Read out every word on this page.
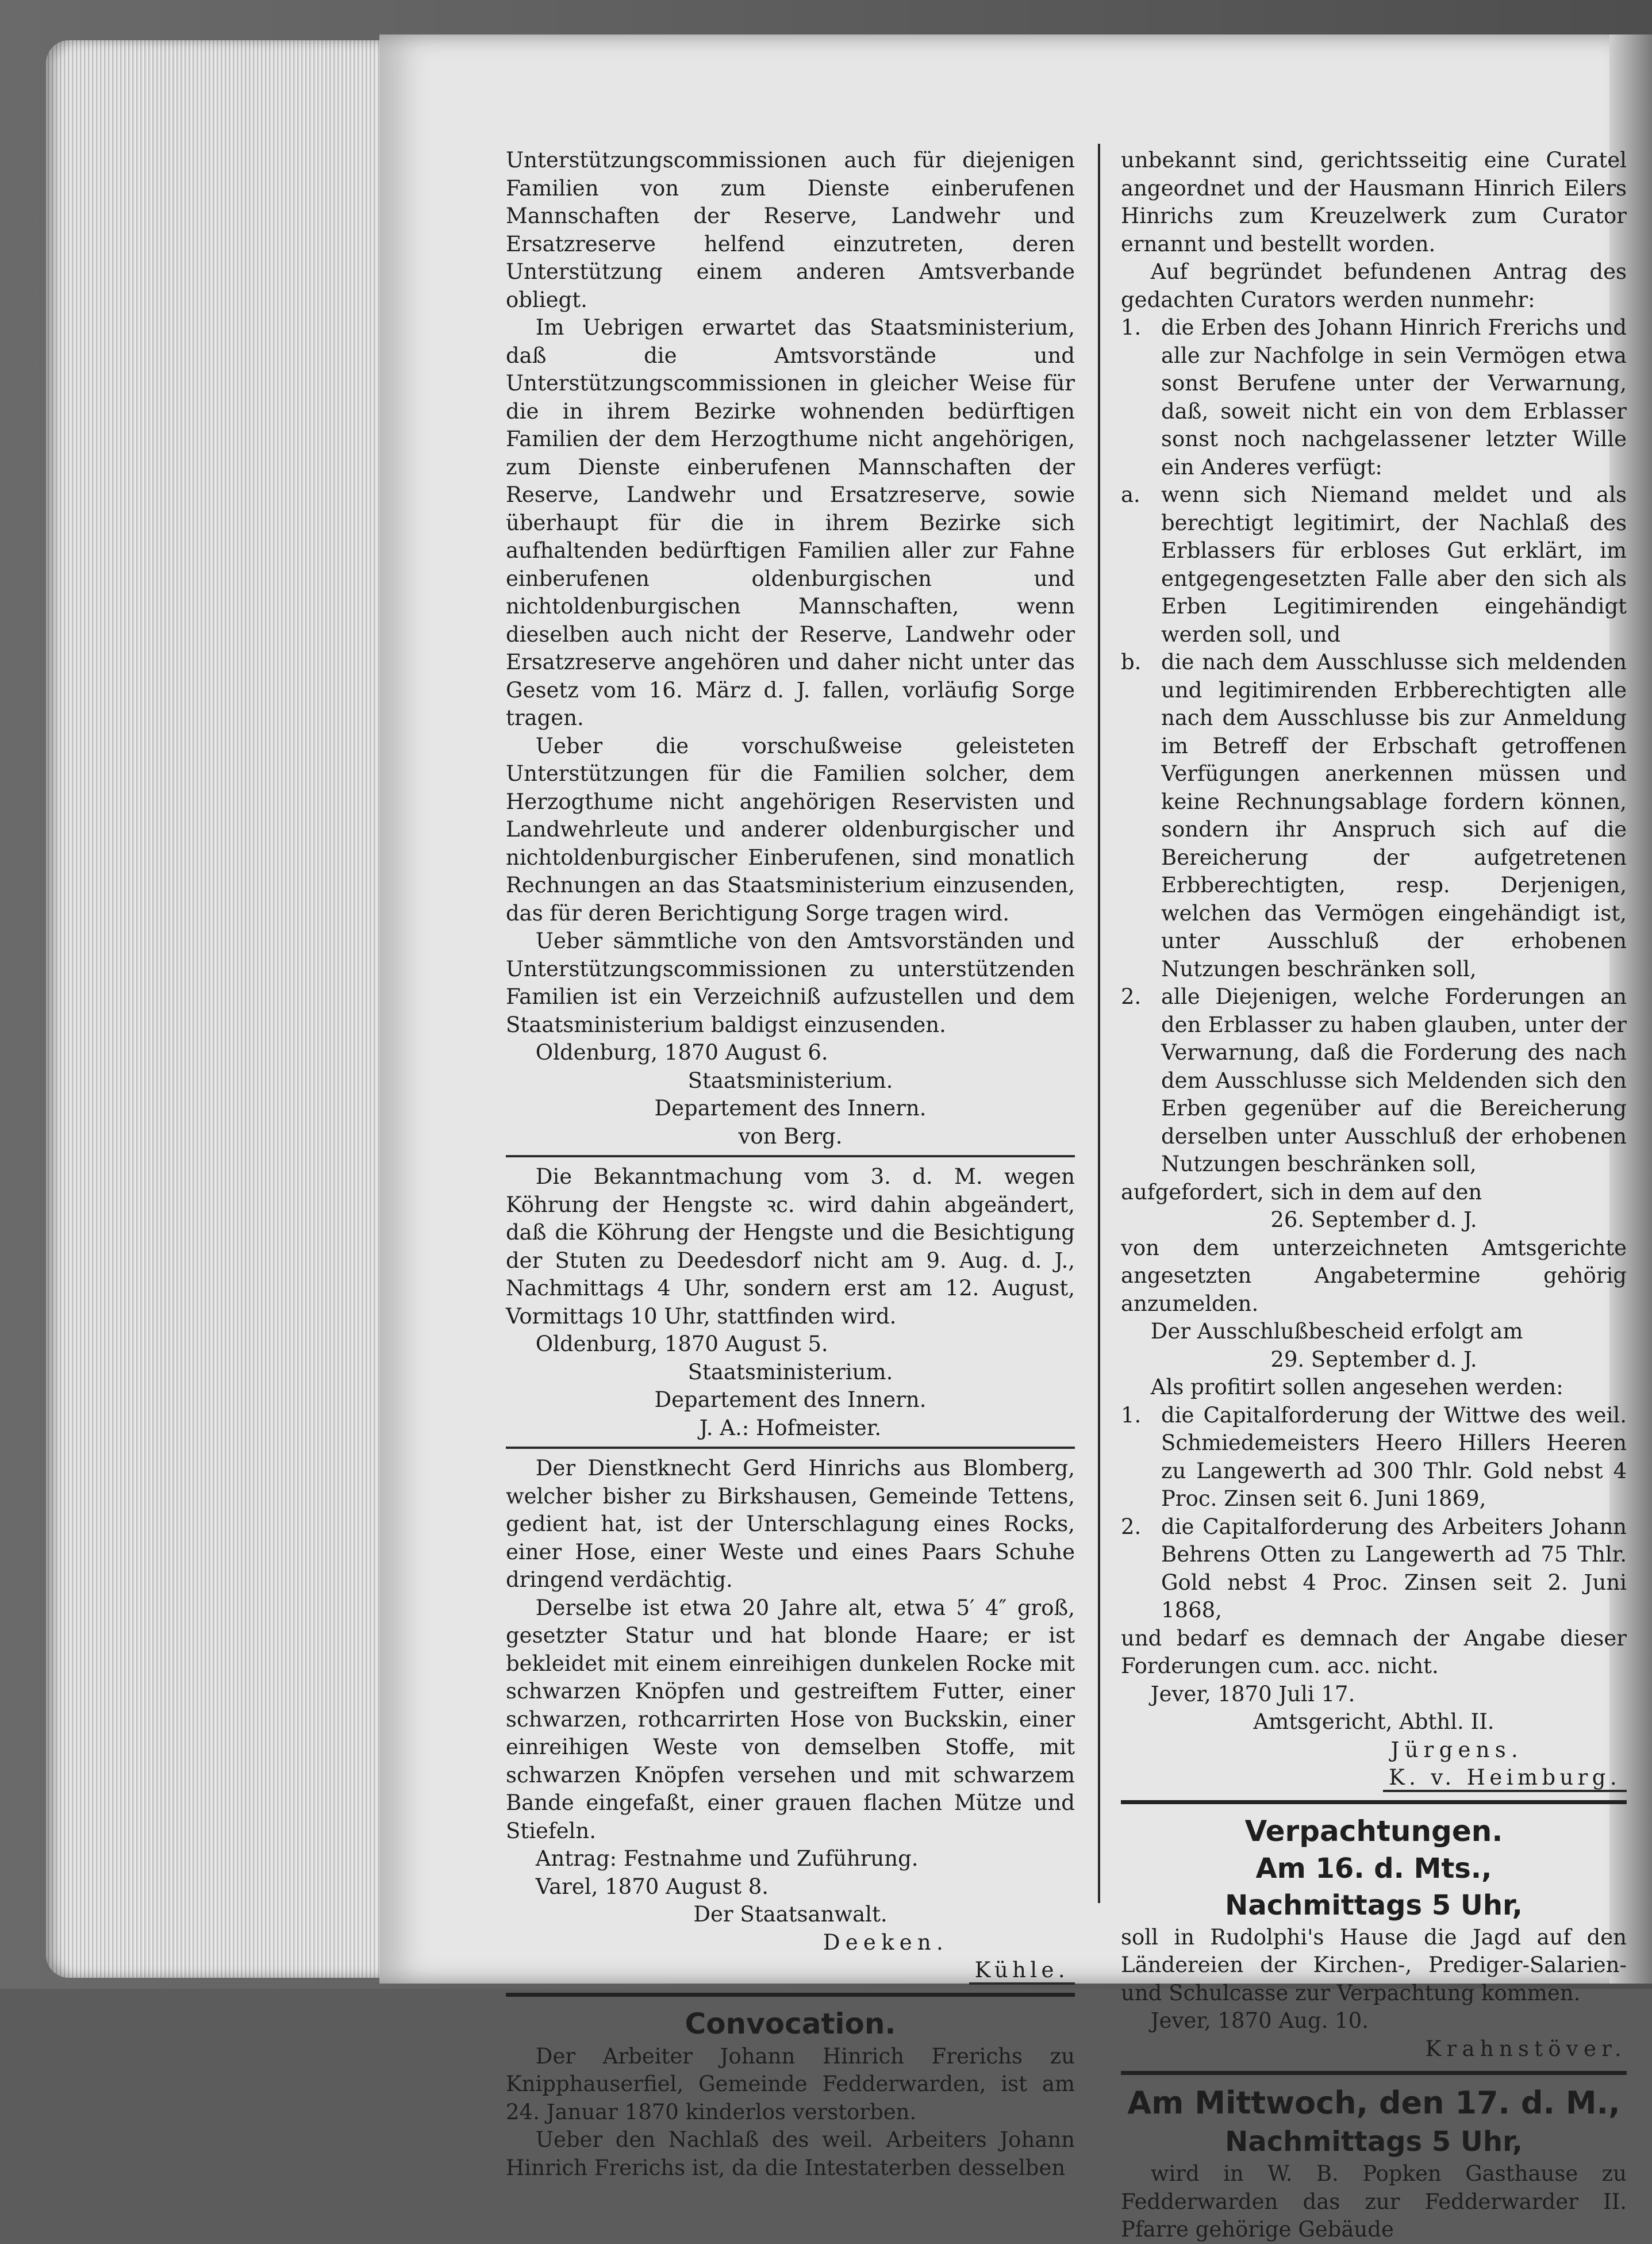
Unterstützungscommissionen auch für diejenigen Familien von zum Dienste einberufenen Mannschaften der Reserve, Landwehr und Ersatzreserve helfend einzutreten, deren Unterstützung einem anderen Amtsverbande obliegt.

Im Uebrigen erwartet das Staatsministerium, daß die Amtsvorstände und Unterstützungscommissionen in gleicher Weise für die in ihrem Bezirke wohnenden bedürftigen Familien der dem Herzogthume nicht angehörigen, zum Dienste einberufenen Mannschaften der Reserve, Landwehr und Ersatzreserve, sowie überhaupt für die in ihrem Bezirke sich aufhaltenden bedürftigen Familien aller zur Fahne einberufenen oldenburgischen und nichtoldenburgischen Mannschaften, wenn dieselben auch nicht der Reserve, Landwehr oder Ersatzreserve angehören und daher nicht unter das Gesetz vom 16. März d. J. fallen, vorläufig Sorge tragen.

Ueber die vorschußweise geleisteten Unterstützungen für die Familien solcher, dem Herzogthume nicht angehörigen Reservisten und Landwehrleute und anderer oldenburgischer und nichtoldenburgischer Einberufenen, sind monatlich Rechnungen an das Staatsministerium einzusenden, das für deren Berichtigung Sorge tragen wird.

Ueber sämmtliche von den Amtsvorständen und Unterstützungscommissionen zu unterstützenden Familien ist ein Verzeichniß aufzustellen und dem Staatsministerium baldigst einzusenden.

Oldenburg, 1870 August 6.

Staatsministerium.

Departement des Innern.

von Berg.

Die Bekanntmachung vom 3. d. M. wegen Köhrung der Hengste ꝛc. wird dahin abgeändert, daß die Köhrung der Hengste und die Besichtigung der Stuten zu Deedesdorf nicht am 9. Aug. d. J., Nachmittags 4 Uhr, sondern erst am 12. August, Vormittags 10 Uhr, stattfinden wird.

Oldenburg, 1870 August 5.

Staatsministerium.

Departement des Innern.

J. A.: Hofmeister.

Der Dienstknecht Gerd Hinrichs aus Blomberg, welcher bisher zu Birkshausen, Gemeinde Tettens, gedient hat, ist der Unterschlagung eines Rocks, einer Hose, einer Weste und eines Paars Schuhe dringend verdächtig.

Derselbe ist etwa 20 Jahre alt, etwa 5′ 4″ groß, gesetzter Statur und hat blonde Haare; er ist bekleidet mit einem einreihigen dunkelen Rocke mit schwarzen Knöpfen und gestreiftem Futter, einer schwarzen, rothcarrirten Hose von Buckskin, einer einreihigen Weste von demselben Stoffe, mit schwarzen Knöpfen versehen und mit schwarzem Bande eingefaßt, einer grauen flachen Mütze und Stiefeln.

Antrag: Festnahme und Zuführung.

Varel, 1870 August 8.

Der Staatsanwalt.

Deeken.

Kühle.

Convocation.

Der Arbeiter Johann Hinrich Frerichs zu Knipphauserfiel, Gemeinde Fedderwarden, ist am 24. Januar 1870 kinderlos verstorben.

Ueber den Nachlaß des weil. Arbeiters Johann Hinrich Frerichs ist, da die Intestaterben desselben

unbekannt sind, gerichtsseitig eine Curatel angeordnet und der Hausmann Hinrich Eilers Hinrichs zum Kreuzelwerk zum Curator ernannt und bestellt worden.

Auf begründet befundenen Antrag des gedachten Curators werden nunmehr:

1. die Erben des Johann Hinrich Frerichs und alle zur Nachfolge in sein Vermögen etwa sonst Berufene unter der Verwarnung, daß, soweit nicht ein von dem Erblasser sonst noch nachgelassener letzter Wille ein Anderes verfügt:
a. wenn sich Niemand meldet und als berechtigt legitimirt, der Nachlaß des Erblassers für erbloses Gut erklärt, im entgegengesetzten Falle aber den sich als Erben Legitimirenden eingehändigt werden soll, und
b. die nach dem Ausschlusse sich meldenden und legitimirenden Erbberechtigten alle nach dem Ausschlusse bis zur Anmeldung im Betreff der Erbschaft getroffenen Verfügungen anerkennen müssen und keine Rechnungsablage fordern können, sondern ihr Anspruch sich auf die Bereicherung der aufgetretenen Erbberechtigten, resp. Derjenigen, welchen das Vermögen eingehändigt ist, unter Ausschluß der erhobenen Nutzungen beschränken soll,
2. alle Diejenigen, welche Forderungen an den Erblasser zu haben glauben, unter der Verwarnung, daß die Forderung des nach dem Ausschlusse sich Meldenden sich den Erben gegenüber auf die Bereicherung derselben unter Ausschluß der erhobenen Nutzungen beschränken soll,

aufgefordert, sich in dem auf den

26. September d. J.

von dem unterzeichneten Amtsgerichte angesetzten Angabetermine gehörig anzumelden.

Der Ausschlußbescheid erfolgt am

29. September d. J.

Als profitirt sollen angesehen werden:

1. die Capitalforderung der Wittwe des weil. Schmiedemeisters Heero Hillers Heeren zu Langewerth ad 300 Thlr. Gold nebst 4 Proc. Zinsen seit 6. Juni 1869,
2. die Capitalforderung des Arbeiters Johann Behrens Otten zu Langewerth ad 75 Thlr. Gold nebst 4 Proc. Zinsen seit 2. Juni 1868,

und bedarf es demnach der Angabe dieser Forderungen cum. acc. nicht.

Jever, 1870 Juli 17.

Amtsgericht, Abthl. II.

Jürgens.

K. v. Heimburg.

Verpachtungen.

Am 16. d. Mts.,

Nachmittags 5 Uhr,

soll in Rudolphi's Hause die Jagd auf den Ländereien der Kirchen-, Prediger-Salarien- und Schulcasse zur Verpachtung kommen.

Jever, 1870 Aug. 10.

Krahnstöver.

Am Mittwoch, den 17. d. M.,

Nachmittags 5 Uhr,

wird in W. B. Popken Gasthause zu Fedderwarden das zur Fedderwarder II. Pfarre gehörige Gebäude
